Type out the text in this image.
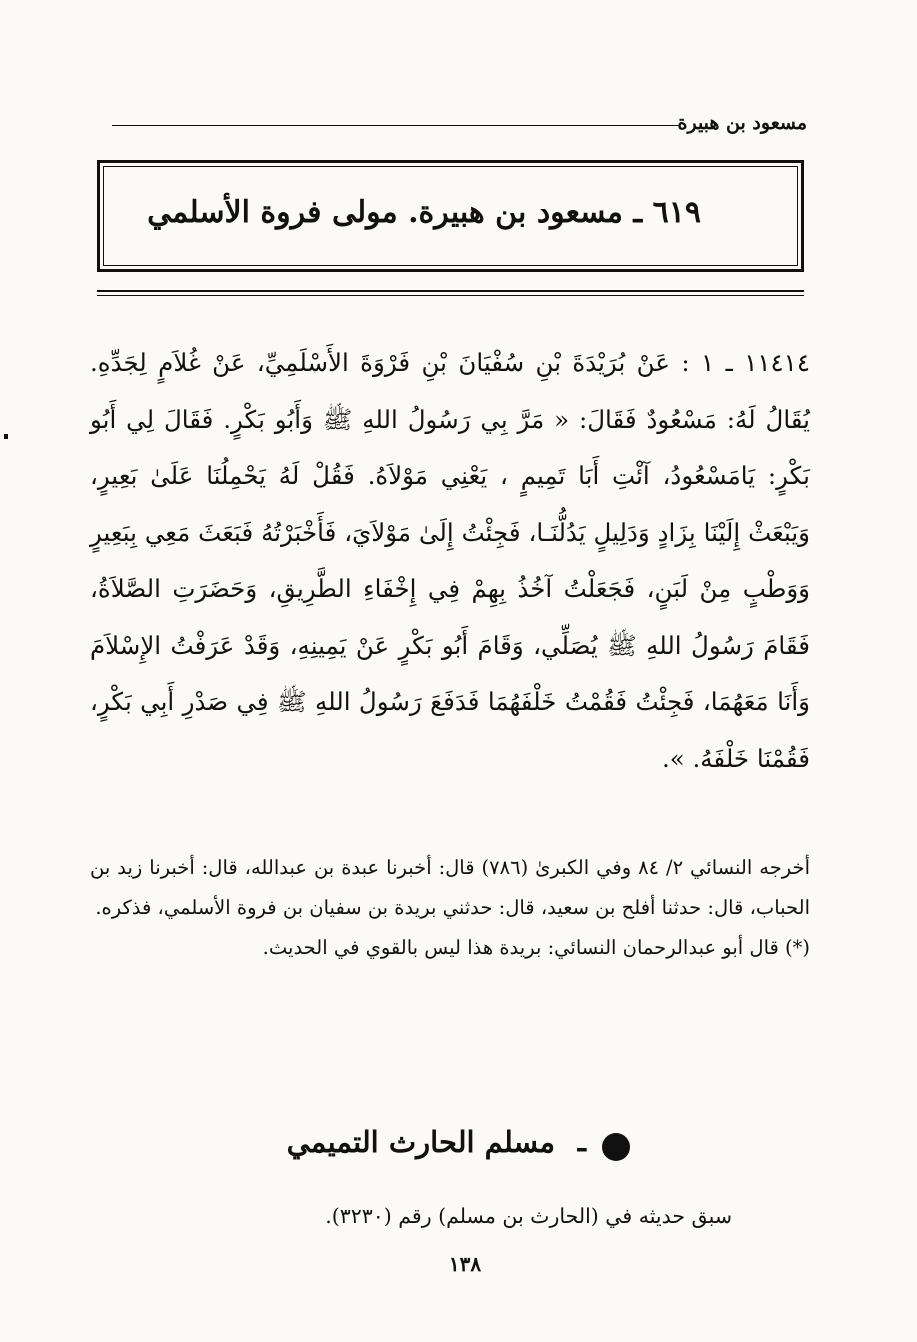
مسعود بن هبيرة
٦١٩ ـ مسعود بن هبيرة. مولى فروة الأسلمي

١١٤١٤ ـ ١ : عَنْ بُرَيْدَةَ بْنِ سُفْيَانَ بْنِ فَرْوَةَ الأَسْلَمِيِّ، عَنْ غُلاَمٍ لِجَدِّهِ. يُقَالُ لَهُ: مَسْعُودٌ فَقَالَ: « مَرَّ بِي رَسُولُ اللهِ ﷺ وَأَبُو بَكْرٍ. فَقَالَ لِي أَبُو بَكْرٍ: يَامَسْعُودُ، آئْتِ أَبَا تَمِيمٍ ، يَعْنِي مَوْلاَهُ. فَقُلْ لَهُ يَحْمِلُنَا عَلَىٰ بَعِيرٍ، وَيَبْعَثْ إِلَيْنَا بِزَادٍ وَدَلِيلٍ يَدُلُّنَـا، فَجِئْتُ إِلَىٰ مَوْلاَيَ، فَأَخْبَرْتُهُ فَبَعَثَ مَعِي بِبَعِيرٍ وَوَطْبٍ مِنْ لَبَنٍ، فَجَعَلْتُ آخُذُ بِهِمْ فِي إِخْفَاءِ الطَّرِيقِ، وَحَضَرَتِ الصَّلاَةُ، فَقَامَ رَسُولُ اللهِ ﷺ يُصَلِّي، وَقَامَ أَبُو بَكْرٍ عَنْ يَمِينِهِ، وَقَدْ عَرَفْتُ الإِسْلاَمَ وَأَنَا مَعَهُمَا، فَجِئْتُ فَقُمْتُ خَلْفَهُمَا فَدَفَعَ رَسُولُ اللهِ ﷺ فِي صَدْرِ أَبِي بَكْرٍ، فَقُمْنَا خَلْفَهُ. ».

أخرجه النسائي ٢/ ٨٤ وفي الكبرىٰ (٧٨٦) قال: أخبرنا عبدة بن عبدالله، قال: أخبرنا زيد بن الحباب، قال: حدثنا أفلح بن سعيد، قال: حدثني بريدة بن سفيان بن فروة الأسلمي، فذكره.

(*) قال أبو عبدالرحمان النسائي: بريدة هذا ليس بالقوي في الحديث.

ـ
مسلم الحارث التميمي
سبق حديثه في (الحارث بن مسلم) رقم (٣٢٣٠).
١٣٨
